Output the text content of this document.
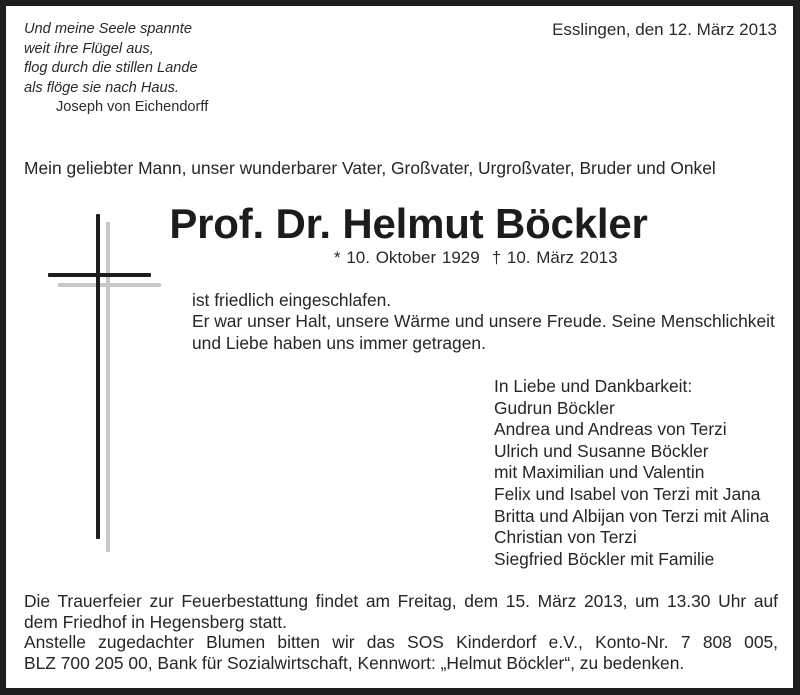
Und meine Seele spannte
weit ihre Flügel aus,
flog durch die stillen Lande
als flöge sie nach Haus.
Joseph von Eichendorff
Esslingen, den 12. März 2013
Mein geliebter Mann, unser wunderbarer Vater, Großvater, Urgroßvater, Bruder und Onkel
Prof. Dr. Helmut Böckler
* 10. Oktober 1929 † 10. März 2013
ist friedlich eingeschlafen.
Er war unser Halt, unsere Wärme und unsere Freude. Seine Menschlichkeit
und Liebe haben uns immer getragen.
In Liebe und Dankbarkeit:
Gudrun Böckler
Andrea und Andreas von Terzi
Ulrich und Susanne Böckler
mit Maximilian und Valentin
Felix und Isabel von Terzi mit Jana
Britta und Albijan von Terzi mit Alina
Christian von Terzi
Siegfried Böckler mit Familie
Die Trauerfeier zur Feuerbestattung findet am Freitag, dem 15. März 2013, um 13.30 Uhr auf
dem Friedhof in Hegensberg statt.
Anstelle zugedachter Blumen bitten wir das SOS Kinderdorf e.V., Konto-Nr. 7 808 005,
BLZ 700 205 00, Bank für Sozialwirtschaft, Kennwort: „Helmut Böckler“, zu bedenken.
